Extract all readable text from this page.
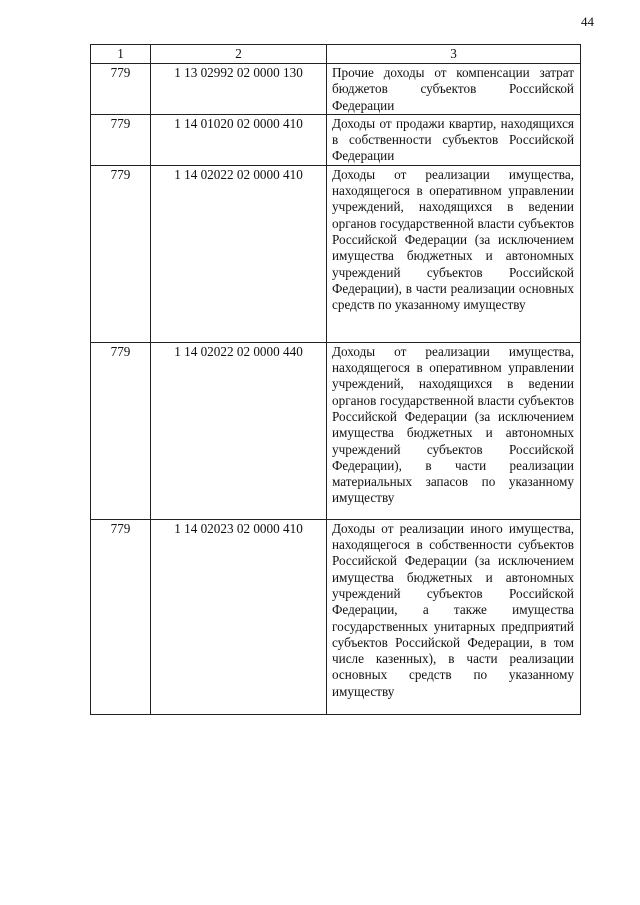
44
1	2	3
779	1 13 02992 02 0000 130	Прочие доходы от компенсации затрат бюджетов субъектов Российской Федерации
779	1 14 01020 02 0000 410	Доходы от продажи квартир, находящихся в собственности субъектов Российской Федерации
779	1 14 02022 02 0000 410	Доходы от реализации имущества, находящегося в оперативном управлении учреждений, находящихся в ведении органов государственной власти субъектов Российской Федерации (за исключением имущества бюджетных и автономных учреждений субъектов Российской Федерации), в части реализации основных средств по указанному имуществу
779	1 14 02022 02 0000 440	Доходы от реализации имущества, находящегося в оперативном управлении учреждений, находящихся в ведении органов государственной власти субъектов Российской Федерации (за исключением имущества бюджетных и автономных учреждений субъектов Российской Федерации), в части реализации материальных запасов по указанному имуществу
779	1 14 02023 02 0000 410	Доходы от реализации иного имущества, находящегося в собственности субъектов Российской Федерации (за исключением имущества бюджетных и автономных учреждений субъектов Российской Федерации, а также имущества государственных унитарных предприятий субъектов Российской Федерации, в том числе казенных), в части реализации основных средств по указанному имуществу
